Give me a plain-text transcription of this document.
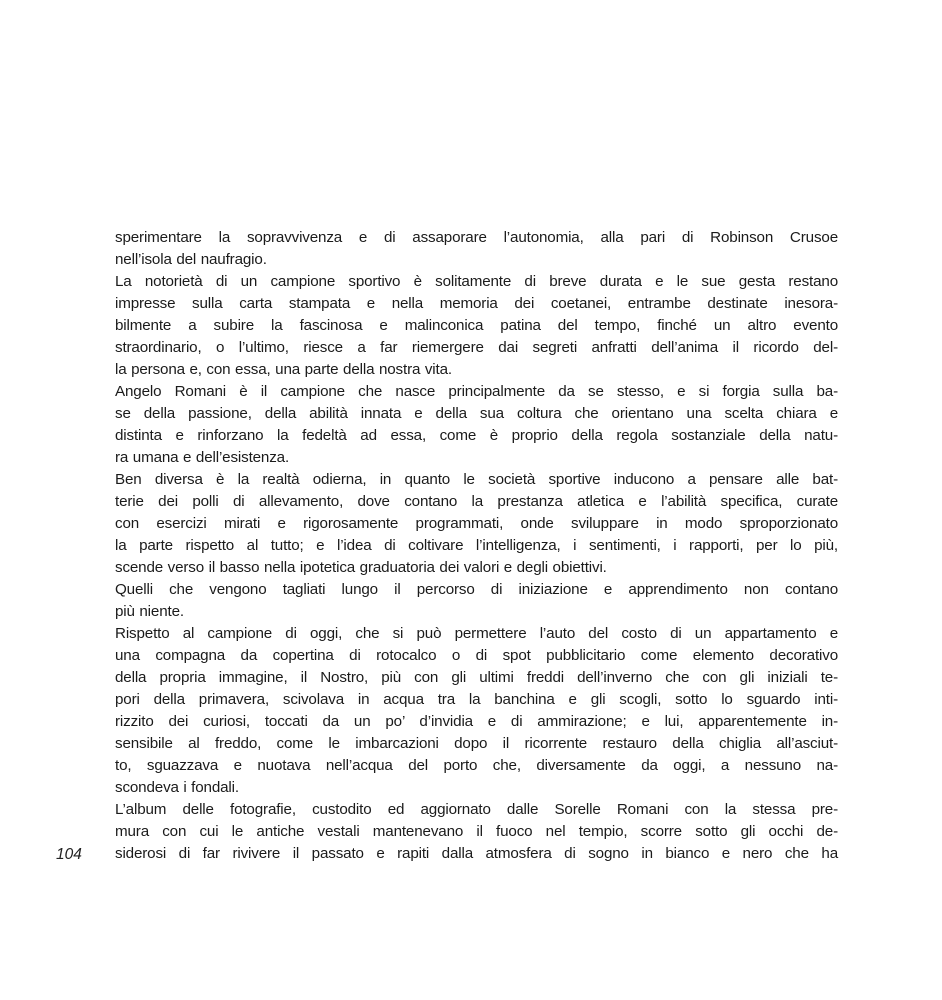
104
sperimentare la sopravvivenza e di assaporare l’autonomia, alla pari di Robinson Crusoe
nell’isola del naufragio.
La notorietà di un campione sportivo è solitamente di breve durata e le sue gesta restano
impresse sulla carta stampata e nella memoria dei coetanei, entrambe destinate inesora-
bilmente a subire la fascinosa e malinconica patina del tempo, finché un altro evento
straordinario, o l’ultimo, riesce a far riemergere dai segreti anfratti dell’anima il ricordo del-
la persona e, con essa, una parte della nostra vita.
Angelo Romani è il campione che nasce principalmente da se stesso, e si forgia sulla ba-
se della passione, della abilità innata e della sua coltura che orientano una scelta chiara e
distinta e rinforzano la fedeltà ad essa, come è proprio della regola sostanziale della natu-
ra umana e dell’esistenza.
Ben diversa è la realtà odierna, in quanto le società sportive inducono a pensare alle bat-
terie dei polli di allevamento, dove contano la prestanza atletica e l’abilità specifica, curate
con esercizi mirati e rigorosamente programmati, onde sviluppare in modo sproporzionato
la parte rispetto al tutto; e l’idea di coltivare l’intelligenza, i sentimenti, i rapporti, per lo più,
scende verso il basso nella ipotetica graduatoria dei valori e degli obiettivi.
Quelli che vengono tagliati lungo il percorso di iniziazione e apprendimento non contano
più niente.
Rispetto al campione di oggi, che si può permettere l’auto del costo di un appartamento e
una compagna da copertina di rotocalco o di spot pubblicitario come elemento decorativo
della propria immagine, il Nostro, più con gli ultimi freddi dell’inverno che con gli iniziali te-
pori della primavera, scivolava in acqua tra la banchina e gli scogli, sotto lo sguardo inti-
rizzito dei curiosi, toccati da un po’ d’invidia e di ammirazione; e lui, apparentemente in-
sensibile al freddo, come le imbarcazioni dopo il ricorrente restauro della chiglia all’asciut-
to, sguazzava e nuotava nell’acqua del porto che, diversamente da oggi, a nessuno na-
scondeva i fondali.
L’album delle fotografie, custodito ed aggiornato dalle Sorelle Romani con la stessa pre-
mura con cui le antiche vestali mantenevano il fuoco nel tempio, scorre sotto gli occhi de-
siderosi di far rivivere il passato e rapiti dalla atmosfera di sogno in bianco e nero che ha
